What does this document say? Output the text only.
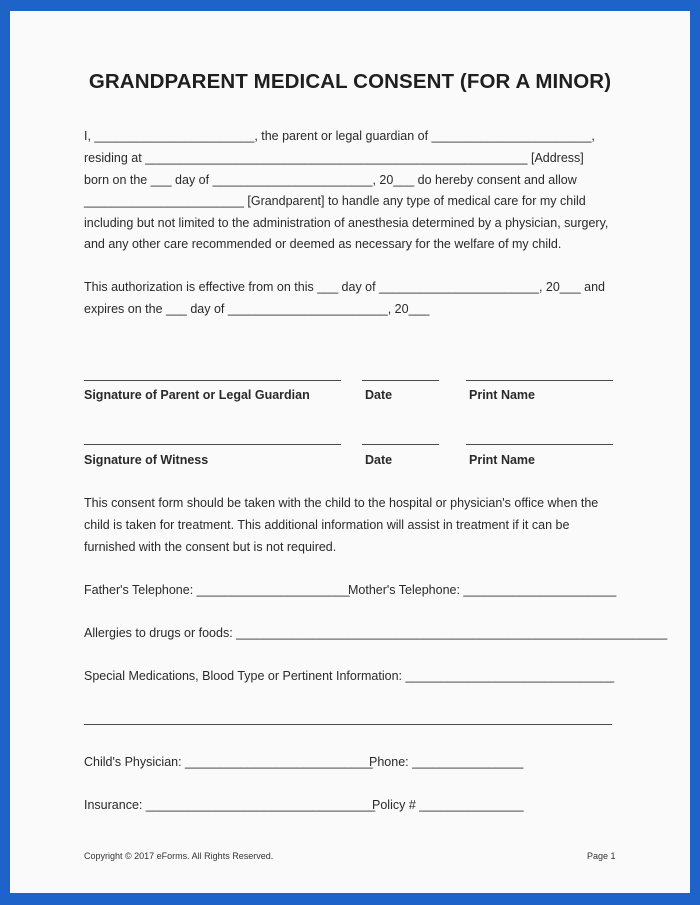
GRANDPARENT MEDICAL CONSENT (FOR A MINOR)
I, _______________________, the parent or legal guardian of _______________________,
residing at _______________________________________________________ [Address]
born on the ___ day of _______________________, 20___ do hereby consent and allow
_______________________ [Grandparent] to handle any type of medical care for my child
including but not limited to the administration of anesthesia determined by a physician, surgery,
and any other care recommended or deemed as necessary for the welfare of my child.
This authorization is effective from on this ___ day of _______________________, 20___ and
expires on the ___ day of _______________________, 20___
Signature of Parent or Legal Guardian	Date	Print Name
Signature of Witness	Date	Print Name
This consent form should be taken with the child to the hospital or physician's office when the
child is taken for treatment. This additional information will assist in treatment if it can be
furnished with the consent but is not required.
Father's Telephone: ______________________
Mother's Telephone: ______________________
Allergies to drugs or foods: ______________________________________________________________
Special Medications, Blood Type or Pertinent Information: ______________________________
Child's Physician: ___________________________
Phone: ________________
Insurance: _________________________________
Policy # _______________
Copyright © 2017 eForms. All Rights Reserved.	Page 1
